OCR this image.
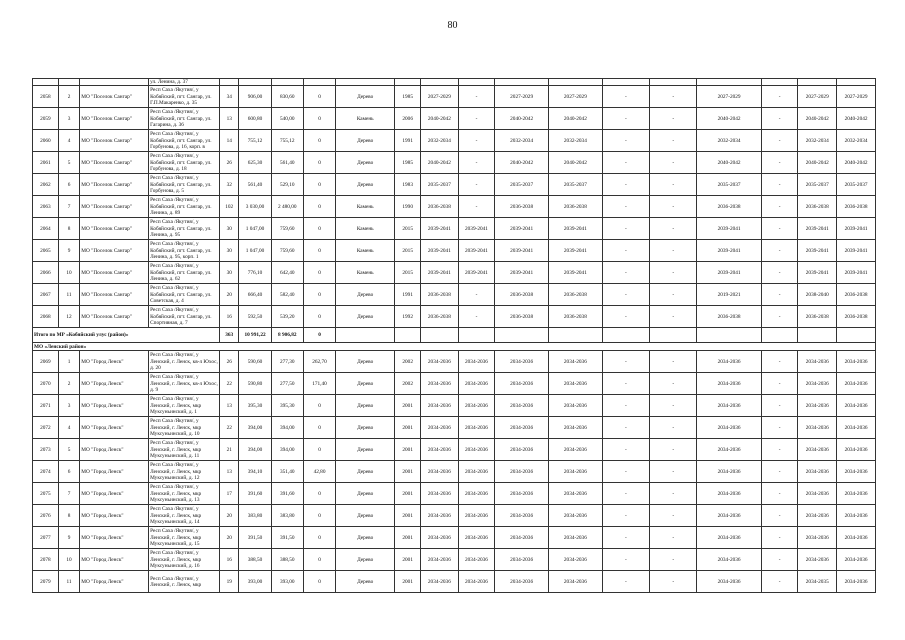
80
			ул. Ленина, д. 37																
2058	2	МО "Поселок Сангар"	Респ Саха /Якутия/, у Кобяйский, пгт. Сангар, ул. Г.П.Макаренко, д. 35	34	906,00	830,60	0	Дерево	1985	2027-2029	-	2027-2029	2027-2029	-	-	2027-2029	-	2027-2029	2027-2029
2059	3	МО "Поселок Сангар"	Респ Саха /Якутия/, у Кобяйский, пгт. Сангар, ул. Гагарина, д. 36	13	600,80	540,00	0	Камень	2006	2040-2042	-	2040-2042	2040-2042	-	-	2040-2042	-	2040-2042	2040-2042
2060	4	МО "Поселок Сангар"	Респ Саха /Якутия/, у Кобяйский, пгт. Сангар, ул. Горбунова, д. 16, корп. в	14	755,12	755,12	0	Дерево	1991	2032-2034	-	2032-2034	2032-2034	-	-	2032-2034	-	2032-2034	2032-2034
2061	5	МО "Поселок Сангар"	Респ Саха /Якутия/, у Кобяйский, пгт. Сангар, ул. Горбунова, д. 18	26	625,30	561,40	0	Дерево	1985	2040-2042	-	2040-2042	2040-2042	-	-	2040-2042	-	2040-2042	2040-2042
2062	6	МО "Поселок Сангар"	Респ Саха /Якутия/, у Кобяйский, пгт. Сангар, ул. Горбунова, д. 5	32	561,40	529,10	0	Дерево	1983	2035-2037	-	2035-2037	2035-2037	-	-	2035-2037	-	2035-2037	2035-2037
2063	7	МО "Поселок Сангар"	Респ Саха /Якутия/, у Кобяйский, пгт. Сангар, ул. Ленина, д. 89	102	3 030,00	2 480,00	0	Камень	1990	2036-2038	-	2036-2038	2036-2038	-	-	2036-2038	-	2036-2038	2036-2038
2064	8	МО "Поселок Сангар"	Респ Саха /Якутия/, у Кобяйский, пгт. Сангар, ул. Ленина, д. 95	30	1 047,00	759,60	0	Камень	2015	2039-2041	2039-2041	2039-2041	2039-2041	-	-	2039-2041	-	2039-2041	2039-2041
2065	9	МО "Поселок Сангар"	Респ Саха /Якутия/, у Кобяйский, пгт. Сангар, ул. Ленина, д. 95, корп. 1	30	1 047,00	759,60	0	Камень	2015	2039-2041	2039-2041	2039-2041	2039-2041	-	-	2039-2041	-	2039-2041	2039-2041
2066	10	МО "Поселок Сангар"	Респ Саха /Якутия/, у Кобяйский, пгт. Сангар, ул. Ленина, д. 62	30	776,10	642,40	0	Камень	2015	2039-2041	2039-2041	2039-2041	2039-2041	-	-	2039-2041	-	2039-2041	2039-2041
2067	11	МО "Поселок Сангар"	Респ Саха /Якутия/, у Кобяйский, пгт. Сангар, ул. Советская, д. 4	20	666,40	582,40	0	Дерево	1991	2036-2038	-	2036-2038	2036-2038	-	-	2019-2021	-	2038-2040	2036-2038
2068	12	МО "Поселок Сангар"	Респ Саха /Якутия/, у Кобяйский, пгт. Сангар, ул. Спортивная, д. 7	16	592,50	539,20	0	Дерево	1992	2036-2038	-	2036-2038	2036-2038	-	-	2036-2038	-	2036-2038	2036-2038
Итого по МР «Кобяйский улус (район)»				363	10 991,22	8 906,82	0												
МО «Ленский район»																			
2069	1	МО "Город Ленск"	Респ Саха /Якутия/, у Ленский, г. Ленск, кв-л Юхос, д. 20	26	590,60	277,30	262,70	Дерево	2002	2034-2036	2034-2036	2034-2036	2034-2036	-	-	2034-2036	-	2034-2036	2034-2036
2070	2	МО "Город Ленск"	Респ Саха /Якутия/, у Ленский, г. Ленск, кв-л Юхос, д. 9	22	590,80	277,50	171,40	Дерево	2002	2034-2036	2034-2036	2034-2036	2034-2036	-	-	2034-2036	-	2034-2036	2034-2036
2071	3	МО "Город Ленск"	Респ Саха /Якутия/, у Ленский, г. Ленск, мкр Муксуньинский, д. 1	13	395,30	395,30	0	Дерево	2001	2034-2036	2034-2036	2034-2036	2034-2036	-	-	2034-2036	-	2034-2036	2034-2036
2072	4	МО "Город Ленск"	Респ Саха /Якутия/, у Ленский, г. Ленск, мкр Муксуньинский, д. 10	22	394,00	394,00	0	Дерево	2001	2034-2036	2034-2036	2034-2036	2034-2036	-	-	2034-2036	-	2034-2036	2034-2036
2073	5	МО "Город Ленск"	Респ Саха /Якутия/, у Ленский, г. Ленск, мкр Муксуньинский, д. 11	21	394,00	394,00	0	Дерево	2001	2034-2036	2034-2036	2034-2036	2034-2036	-	-	2034-2036	-	2034-2036	2034-2036
2074	6	МО "Город Ленск"	Респ Саха /Якутия/, у Ленский, г. Ленск, мкр Муксуньинский, д. 12	13	394,10	351,40	42,80	Дерево	2001	2034-2036	2034-2036	2034-2036	2034-2036	-	-	2034-2036	-	2034-2036	2034-2036
2075	7	МО "Город Ленск"	Респ Саха /Якутия/, у Ленский, г. Ленск, мкр Муксуньинский, д. 13	17	391,60	391,60	0	Дерево	2001	2034-2036	2034-2036	2034-2036	2034-2036	-	-	2034-2036	-	2034-2036	2034-2036
2076	8	МО "Город Ленск"	Респ Саха /Якутия/, у Ленский, г. Ленск, мкр Муксуньинский, д. 14	20	383,80	383,80	0	Дерево	2001	2034-2036	2034-2036	2034-2036	2034-2036	-	-	2034-2036	-	2034-2036	2034-2036
2077	9	МО "Город Ленск"	Респ Саха /Якутия/, у Ленский, г. Ленск, мкр Муксуньинский, д. 15	20	391,50	391,50	0	Дерево	2001	2034-2036	2034-2036	2034-2036	2034-2036	-	-	2034-2036	-	2034-2036	2034-2036
2078	10	МО "Город Ленск"	Респ Саха /Якутия/, у Ленский, г. Ленск, мкр Муксуньинский, д. 16	16	388,50	388,50	0	Дерево	2001	2034-2036	2034-2036	2034-2036	2034-2036	-	-	2034-2036	-	2034-2036	2034-2036
2079	11	МО "Город Ленск"	Респ Саха /Якутия/, у Ленский, г. Ленск, мкр	19	393,00	393,00	0	Дерево	2001	2034-2036	2034-2036	2034-2036	2034-2036	-	-	2034-2036	-	2034-2035	2034-2036
